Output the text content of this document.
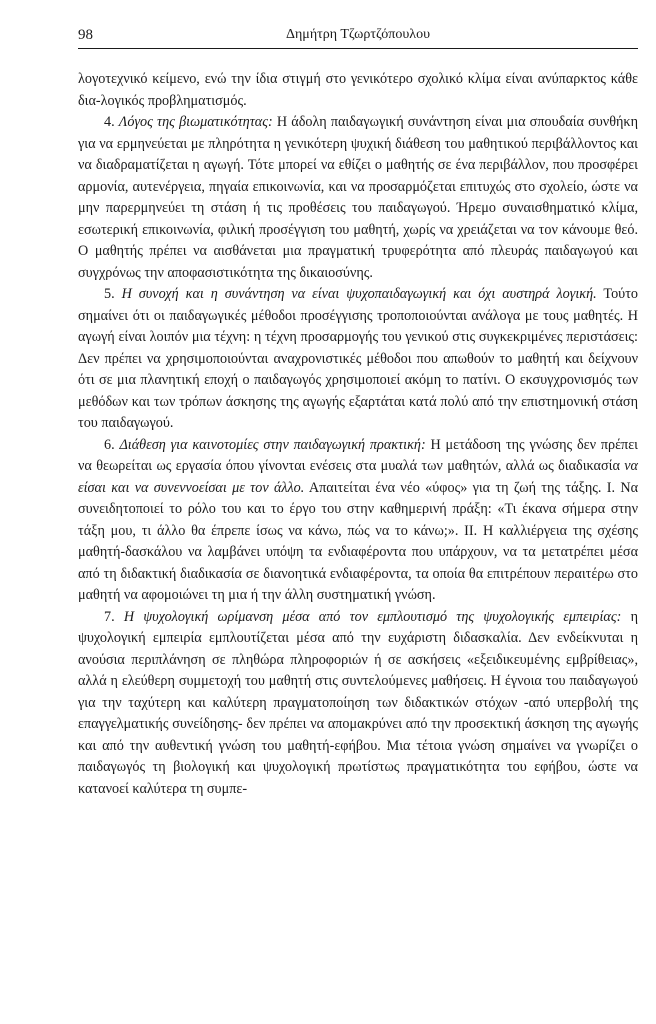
98	Δημήτρη Τζωρτζόπουλου

λογοτεχνικό κείμενο, ενώ την ίδια στιγμή στο γενικότερο σχολικό κλίμα είναι ανύπαρκτος κάθε δια-λογικός προβληματισμός.

4. Λόγος της βιωματικότητας: Η άδολη παιδαγωγική συνάντηση είναι μια σπουδαία συνθήκη για να ερμηνεύεται με πληρότητα η γενικότερη ψυχική διάθεση του μαθητικού περιβάλλοντος και να διαδραματίζεται η αγωγή. Τότε μπορεί να εθίζει ο μαθητής σε ένα περιβάλλον, που προσφέρει αρμονία, αυτενέργεια, πηγαία επικοινωνία, και να προσαρμόζεται επιτυχώς στο σχολείο, ώστε να μην παρερμηνεύει τη στάση ή τις προθέσεις του παιδαγωγού. Ήρεμο συναισθηματικό κλίμα, εσωτερική επικοινωνία, φιλική προσέγγιση του μαθητή, χωρίς να χρειάζεται να τον κάνουμε θεό. Ο μαθητής πρέπει να αισθάνεται μια πραγματική τρυφερότητα από πλευράς παιδαγωγού και συγχρόνως την αποφασιστικότητα της δικαιοσύνης.

5. Η συνοχή και η συνάντηση να είναι ψυχοπαιδαγωγική και όχι αυστηρά λογική. Τούτο σημαίνει ότι οι παιδαγωγικές μέθοδοι προσέγγισης τροποποιούνται ανάλογα με τους μαθητές. Η αγωγή είναι λοιπόν μια τέχνη: η τέχνη προσαρμογής του γενικού στις συγκεκριμένες περιστάσεις: Δεν πρέπει να χρησιμοποιούνται αναχρονιστικές μέθοδοι που απωθούν το μαθητή και δείχνουν ότι σε μια πλανητική εποχή ο παιδαγωγός χρησιμοποιεί ακόμη το πατίνι. Ο εκσυγχρονισμός των μεθόδων και των τρόπων άσκησης της αγωγής εξαρτάται κατά πολύ από την επιστημονική στάση του παιδαγωγού.

6. Διάθεση για καινοτομίες στην παιδαγωγική πρακτική: Η μετάδοση της γνώσης δεν πρέπει να θεωρείται ως εργασία όπου γίνονται ενέσεις στα μυαλά των μαθητών, αλλά ως διαδικασία να είσαι και να συνεννοείσαι με τον άλλο. Απαιτείται ένα νέο «ύφος» για τη ζωή της τάξης. Ι. Να συνειδητοποιεί το ρόλο του και το έργο του στην καθημερινή πράξη: «Τι έκανα σήμερα στην τάξη μου, τι άλλο θα έπρεπε ίσως να κάνω, πώς να το κάνω;». ΙΙ. Η καλλιέργεια της σχέσης μαθητή-δασκάλου να λαμβάνει υπόψη τα ενδιαφέροντα που υπάρχουν, να τα μετατρέπει μέσα από τη διδακτική διαδικασία σε διανοητικά ενδιαφέροντα, τα οποία θα επιτρέπουν περαιτέρω στο μαθητή να αφομοιώνει τη μια ή την άλλη συστηματική γνώση.

7. Η ψυχολογική ωρίμανση μέσα από τον εμπλουτισμό της ψυχολογικής εμπειρίας: η ψυχολογική εμπειρία εμπλουτίζεται μέσα από την ευχάριστη διδασκαλία. Δεν ενδείκνυται η ανούσια περιπλάνηση σε πληθώρα πληροφοριών ή σε ασκήσεις «εξειδικευμένης εμβρίθειας», αλλά η ελεύθερη συμμετοχή του μαθητή στις συντελούμενες μαθήσεις. Η έγνοια του παιδαγωγού για την ταχύτερη και καλύτερη πραγματοποίηση των διδακτικών στόχων -από υπερβολή της επαγγελματικής συνείδησης- δεν πρέπει να απομακρύνει από την προσεκτική άσκηση της αγωγής και από την αυθεντική γνώση του μαθητή-εφήβου. Μια τέτοια γνώση σημαίνει να γνωρίζει ο παιδαγωγός τη βιολογική και ψυχολογική πρωτίστως πραγματικότητα του εφήβου, ώστε να κατανοεί καλύτερα τη συμπε-
